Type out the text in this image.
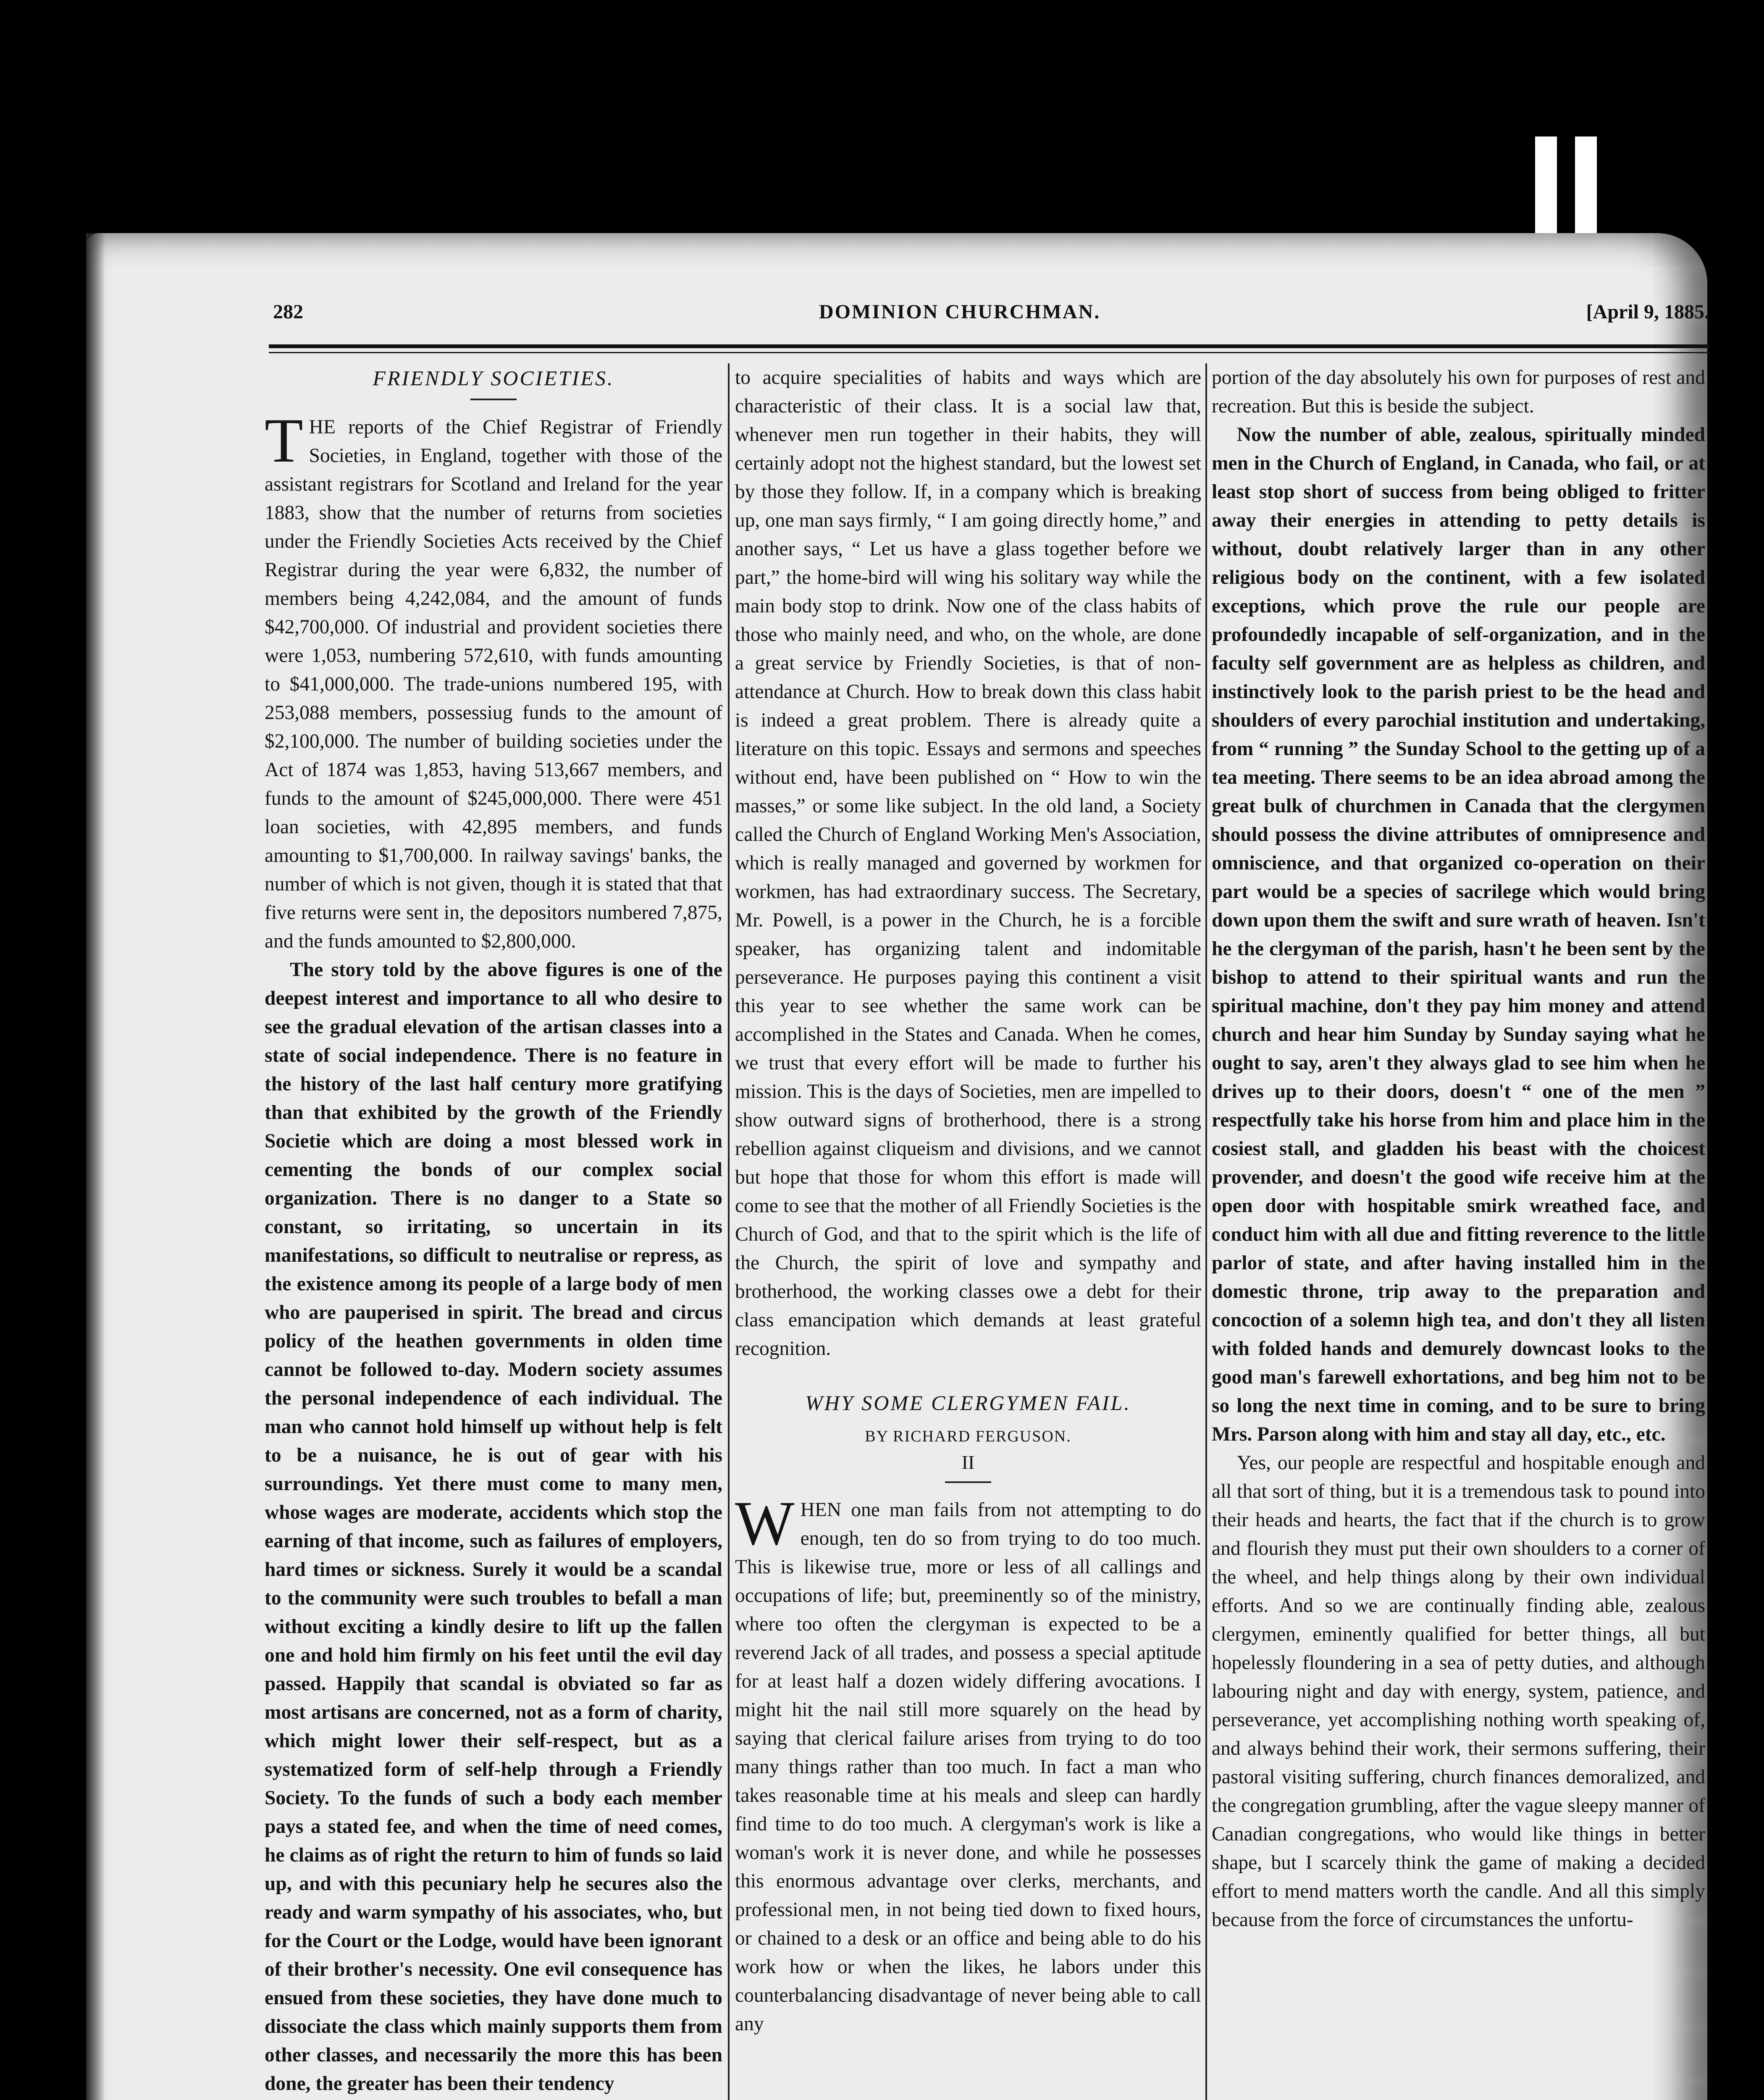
282	DOMINION CHURCHMAN.	[April 9, 1885.
FRIENDLY SOCIETIES.

THE reports of the Chief Registrar of Friendly Societies, in England, together with those of the assistant registrars for Scotland and Ireland for the year 1883, show that the number of returns from societies under the Friendly Societies Acts received by the Chief Registrar during the year were 6,832, the number of members being 4,242,084, and the amount of funds $42,700,000. Of industrial and provident societies there were 1,053, numbering 572,610, with funds amounting to $41,000,000. The trade-unions numbered 195, with 253,088 members, possessiug funds to the amount of $2,100,000. The number of building societies under the Act of 1874 was 1,853, having 513,667 members, and funds to the amount of $245,000,000. There were 451 loan societies, with 42,895 members, and funds amounting to $1,700,000. In railway savings' banks, the number of which is not given, though it is stated that that five returns were sent in, the depositors numbered 7,875, and the funds amounted to $2,800,000.

The story told by the above figures is one of the deepest interest and importance to all who desire to see the gradual elevation of the artisan classes into a state of social independence. There is no feature in the history of the last half century more gratifying than that exhibited by the growth of the Friendly Societie which are doing a most blessed work in cementing the bonds of our complex social organization. There is no danger to a State so constant, so irritating, so uncertain in its manifestations, so difficult to neutralise or repress, as the existence among its people of a large body of men who are pauperised in spirit. The bread and circus policy of the heathen governments in olden time cannot be followed to-day. Modern society assumes the personal independence of each individual. The man who cannot hold himself up without help is felt to be a nuisance, he is out of gear with his surroundings. Yet there must come to many men, whose wages are moderate, accidents which stop the earning of that income, such as failures of employers, hard times or sickness. Surely it would be a scandal to the community were such troubles to befall a man without exciting a kindly desire to lift up the fallen one and hold him firmly on his feet until the evil day passed. Happily that scandal is obviated so far as most artisans are concerned, not as a form of charity, which might lower their self-respect, but as a systematized form of self-help through a Friendly Society. To the funds of such a body each member pays a stated fee, and when the time of need comes, he claims as of right the return to him of funds so laid up, and with this pecuniary help he secures also the ready and warm sympathy of his associates, who, but for the Court or the Lodge, would have been ignorant of their brother's necessity. One evil consequence has ensued from these societies, they have done much to dissociate the class which mainly supports them from other classes, and necessarily the more this has been done, the greater has been their tendency

to acquire specialities of habits and ways which are characteristic of their class. It is a social law that, whenever men run together in their habits, they will certainly adopt not the highest standard, but the lowest set by those they follow. If, in a company which is breaking up, one man says firmly, “ I am going directly home,” and another says, “ Let us have a glass together before we part,” the home-bird will wing his solitary way while the main body stop to drink. Now one of the class habits of those who mainly need, and who, on the whole, are done a great service by Friendly Societies, is that of non-attendance at Church. How to break down this class habit is indeed a great problem. There is already quite a literature on this topic. Essays and sermons and speeches without end, have been published on “ How to win the masses,” or some like subject. In the old land, a Society called the Church of England Working Men's Association, which is really managed and governed by workmen for workmen, has had extraordinary success. The Secretary, Mr. Powell, is a power in the Church, he is a forcible speaker, has organizing talent and indomitable perseverance. He purposes paying this continent a visit this year to see whether the same work can be accomplished in the States and Canada. When he comes, we trust that every effort will be made to further his mission. This is the days of Societies, men are impelled to show outward signs of brotherhood, there is a strong rebellion against cliqueism and divisions, and we cannot but hope that those for whom this effort is made will come to see that the mother of all Friendly Societies is the Church of God, and that to the spirit which is the life of the Church, the spirit of love and sympathy and brotherhood, the working classes owe a debt for their class emancipation which demands at least grateful recognition.

WHY SOME CLERGYMEN FAIL.
BY RICHARD FERGUSON.
II

WHEN one man fails from not attempting to do enough, ten do so from trying to do too much. This is likewise true, more or less of all callings and occupations of life; but, preeminently so of the ministry, where too often the clergyman is expected to be a reverend Jack of all trades, and possess a special aptitude for at least half a dozen widely differing avocations. I might hit the nail still more squarely on the head by saying that clerical failure arises from trying to do too many things rather than too much. In fact a man who takes reasonable time at his meals and sleep can hardly find time to do too much. A clergyman's work is like a woman's work it is never done, and while he possesses this enormous advantage over clerks, merchants, and professional men, in not being tied down to fixed hours, or chained to a desk or an office and being able to do his work how or when the likes, he labors under this counterbalancing disadvantage of never being able to call any

portion of the day absolutely his own for purposes of rest and recreation. But this is beside the subject.

Now the number of able, zealous, spiritually minded men in the Church of England, in Canada, who fail, or at least stop short of success from being obliged to fritter away their energies in attending to petty details is without, doubt relatively larger than in any other religious body on the continent, with a few isolated exceptions, which prove the rule our people are profoundedly incapable of self-organization, and in the faculty self government are as helpless as children, and instinctively look to the parish priest to be the head and shoulders of every parochial institution and undertaking, from “ running ” the Sunday School to the getting up of a tea meeting. There seems to be an idea abroad among the great bulk of churchmen in Canada that the clergymen should possess the divine attributes of omnipresence and omniscience, and that organized co-operation on their part would be a species of sacrilege which would bring down upon them the swift and sure wrath of heaven. Isn't he the clergyman of the parish, hasn't he been sent by the bishop to attend to their spiritual wants and run the spiritual machine, don't they pay him money and attend church and hear him Sunday by Sunday saying what he ought to say, aren't they always glad to see him when he drives up to their doors, doesn't “ one of the men ” respectfully take his horse from him and place him in the cosiest stall, and gladden his beast with the choicest provender, and doesn't the good wife receive him at the open door with hospitable smirk wreathed face, and conduct him with all due and fitting reverence to the little parlor of state, and after having installed him in the domestic throne, trip away to the preparation and concoction of a solemn high tea, and don't they all listen with folded hands and demurely downcast looks to the good man's farewell exhortations, and beg him not to be so long the next time in coming, and to be sure to bring Mrs. Parson along with him and stay all day, etc., etc.

Yes, our people are respectful and hospitable enough and all that sort of thing, but it is a tremendous task to pound into their heads and hearts, the fact that if the church is to grow and flourish they must put their own shoulders to a corner of the wheel, and help things along by their own individual efforts. And so we are continually finding able, zealous clergymen, eminently qualified for better things, all but hopelessly floundering in a sea of petty duties, and although labouring night and day with energy, system, patience, and perseverance, yet accomplishing nothing worth speaking of, and always behind their work, their sermons suffering, their pastoral visiting suffering, church finances demoralized, and the congregation grumbling, after the vague sleepy manner of Canadian congregations, who would like things in better shape, but I scarcely think the game of making a decided effort to mend matters worth the candle. And all this simply because from the force of circumstances the unfortu-
